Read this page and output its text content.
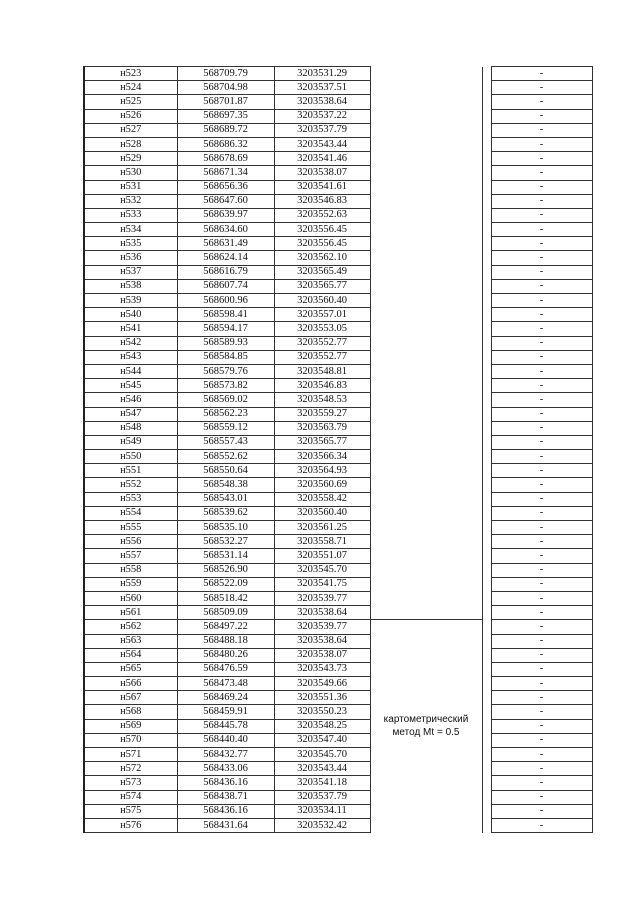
н523	568709.79	3203531.29			-
н524	568704.98	3203537.51			-
н525	568701.87	3203538.64			-
н526	568697.35	3203537.22			-
н527	568689.72	3203537.79			-
н528	568686.32	3203543.44			-
н529	568678.69	3203541.46			-
н530	568671.34	3203538.07			-
н531	568656.36	3203541.61			-
н532	568647.60	3203546.83			-
н533	568639.97	3203552.63			-
н534	568634.60	3203556.45			-
н535	568631.49	3203556.45			-
н536	568624.14	3203562.10			-
н537	568616.79	3203565.49			-
н538	568607.74	3203565.77			-
н539	568600.96	3203560.40			-
н540	568598.41	3203557.01			-
н541	568594.17	3203553.05			-
н542	568589.93	3203552.77			-
н543	568584.85	3203552.77			-
н544	568579.76	3203548.81			-
н545	568573.82	3203546.83			-
н546	568569.02	3203548.53			-
н547	568562.23	3203559.27			-
н548	568559.12	3203563.79			-
н549	568557.43	3203565.77			-
н550	568552.62	3203566.34			-
н551	568550.64	3203564.93			-
н552	568548.38	3203560.69			-
н553	568543.01	3203558.42			-
н554	568539.62	3203560.40			-
н555	568535.10	3203561.25			-
н556	568532.27	3203558.71			-
н557	568531.14	3203551.07			-
н558	568526.90	3203545.70			-
н559	568522.09	3203541.75			-
н560	568518.42	3203539.77			-
н561	568509.09	3203538.64			-
н562	568497.22	3203539.77	картометрический метод Mt = 0.5		-
н563	568488.18	3203538.64			-
н564	568480.26	3203538.07			-
н565	568476.59	3203543.73			-
н566	568473.48	3203549.66			-
н567	568469.24	3203551.36			-
н568	568459.91	3203550.23			-
н569	568445.78	3203548.25			-
н570	568440.40	3203547.40			-
н571	568432.77	3203545.70			-
н572	568433.06	3203543.44			-
н573	568436.16	3203541.18			-
н574	568438.71	3203537.79			-
н575	568436.16	3203534.11			-
н576	568431.64	3203532.42			-
